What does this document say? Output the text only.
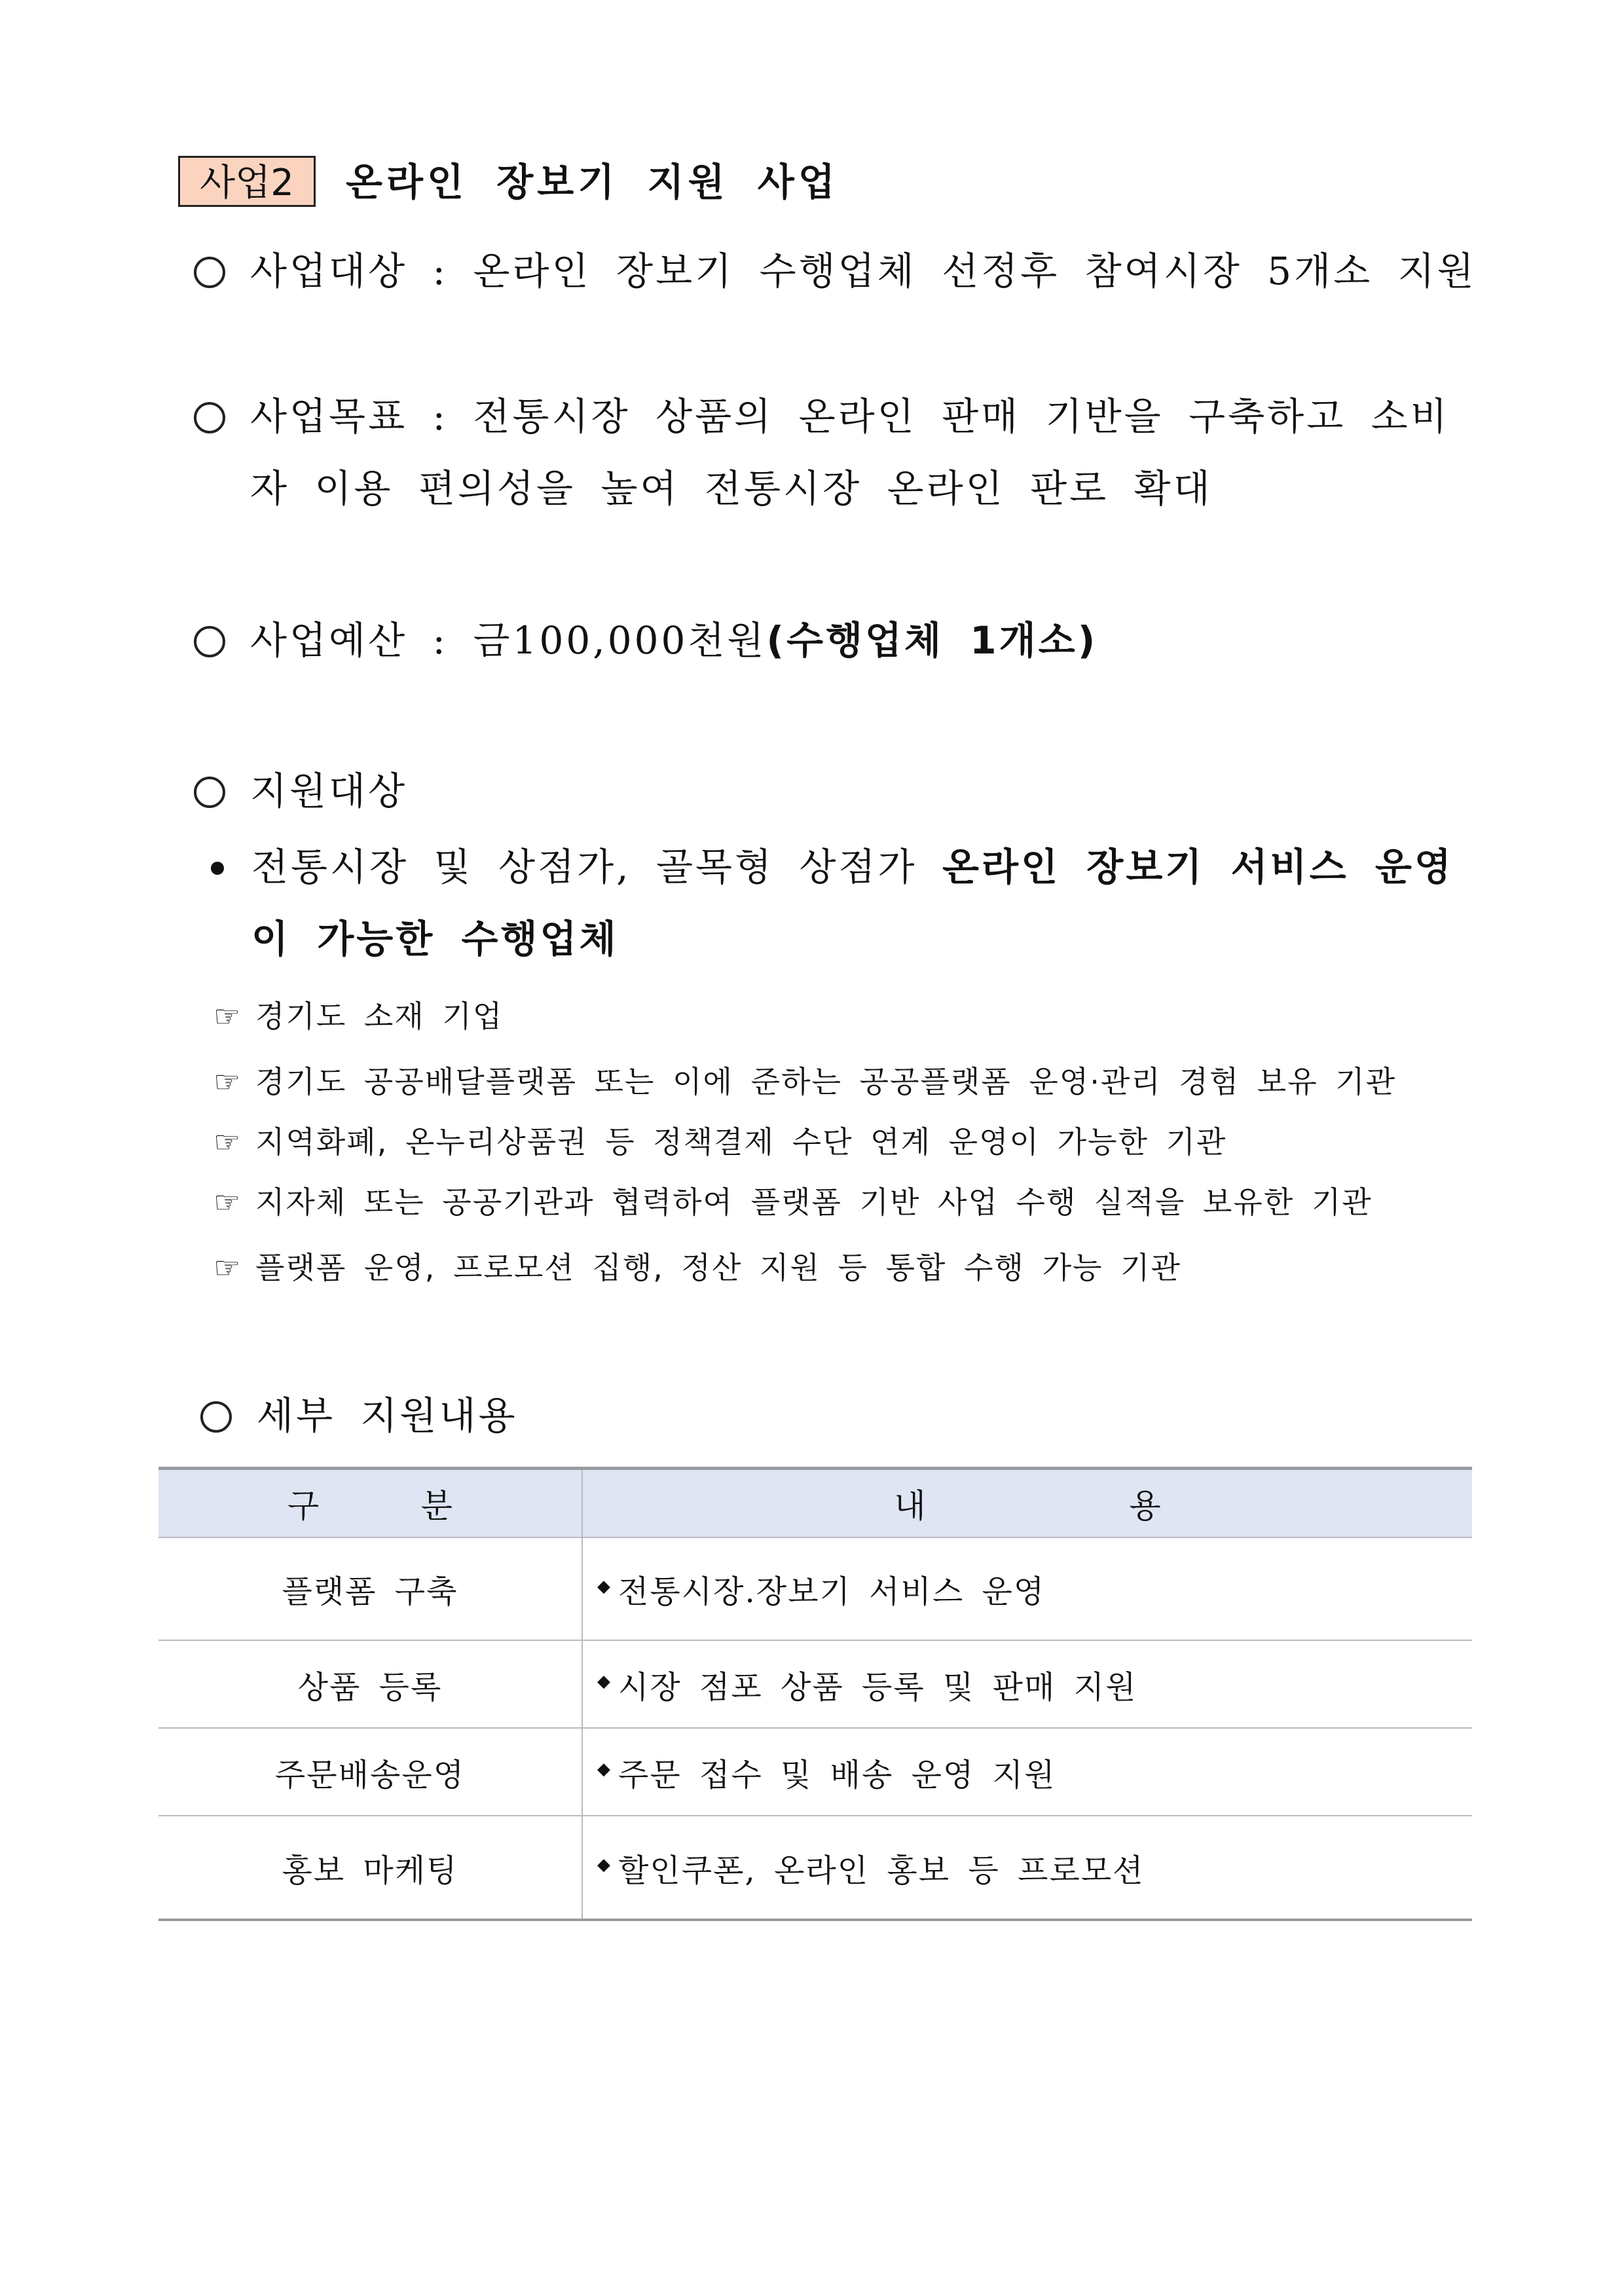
사업2	온라인 장보기 지원 사업
사업대상 : 온라인 장보기 수행업체 선정후 참여시장 5개소 지원
사업목표 : 전통시장 상품의 온라인 판매 기반을 구축하고 소비
자 이용 편의성을 높여 전통시장 온라인 판로 확대
사업예산 : 금100,000천원(수행업체 1개소)
지원대상
전통시장 및 상점가, 골목형 상점가 온라인 장보기 서비스 운영
이 가능한 수행업체
☞ 경기도 소재 기업
☞ 경기도 공공배달플랫폼 또는 이에 준하는 공공플랫폼 운영·관리 경험 보유 기관
☞ 지역화폐, 온누리상품권 등 정책결제 수단 연계 운영이 가능한 기관
☞ 지자체 또는 공공기관과 협력하여 플랫폼 기반 사업 수행 실적을 보유한 기관
☞ 플랫폼 운영, 프로모션 집행, 정산 지원 등 통합 수행 가능 기관
세부 지원내용
구      분	내            용
플랫폼 구축	◆ 전통시장.장보기 서비스 운영
상품 등록	◆ 시장 점포 상품 등록 및 판매 지원
주문배송운영	◆ 주문 접수 및 배송 운영 지원
홍보 마케팅	◆ 할인쿠폰, 온라인 홍보 등 프로모션
